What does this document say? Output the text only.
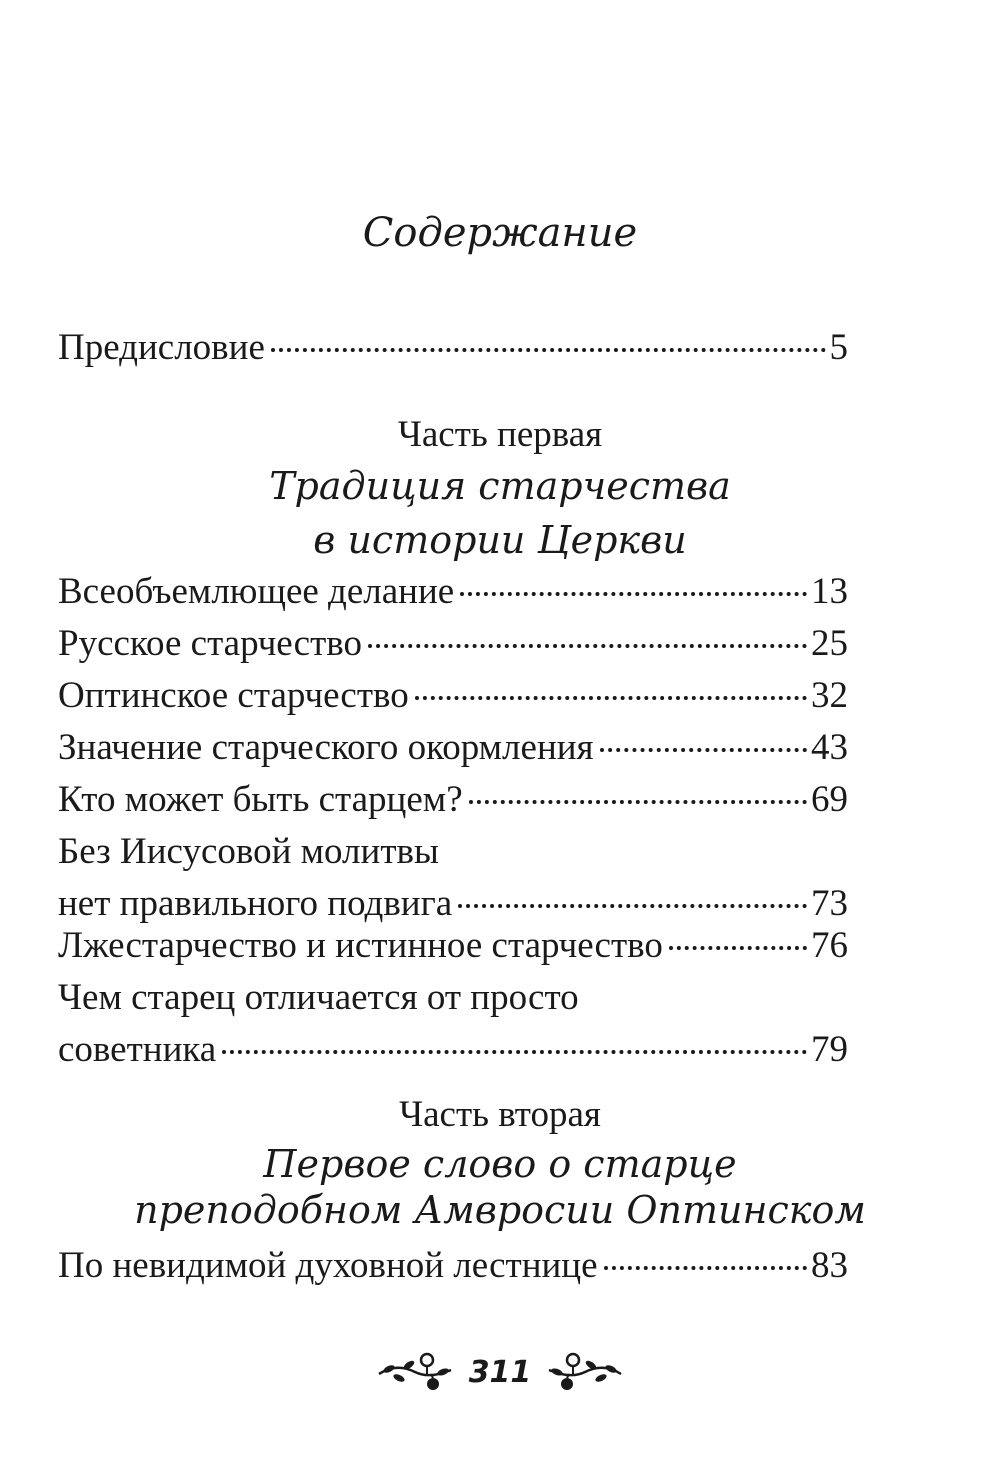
Содержание
Предисловие	5
Часть первая
Традиция старчества
в истории Церкви
Всеобъемлющее делание	13
Русское старчество	25
Оптинское старчество	32
Значение старческого окормления	43
Кто может быть старцем?	69
Без Иисусовой молитвы
нет правильного подвига	73
Лжестарчество и истинное старчество	76
Чем старец отличается от просто
советника	79
Часть вторая
Первое слово о старце
преподобном Амвросии Оптинском
По невидимой духовной лестнице	83
311
